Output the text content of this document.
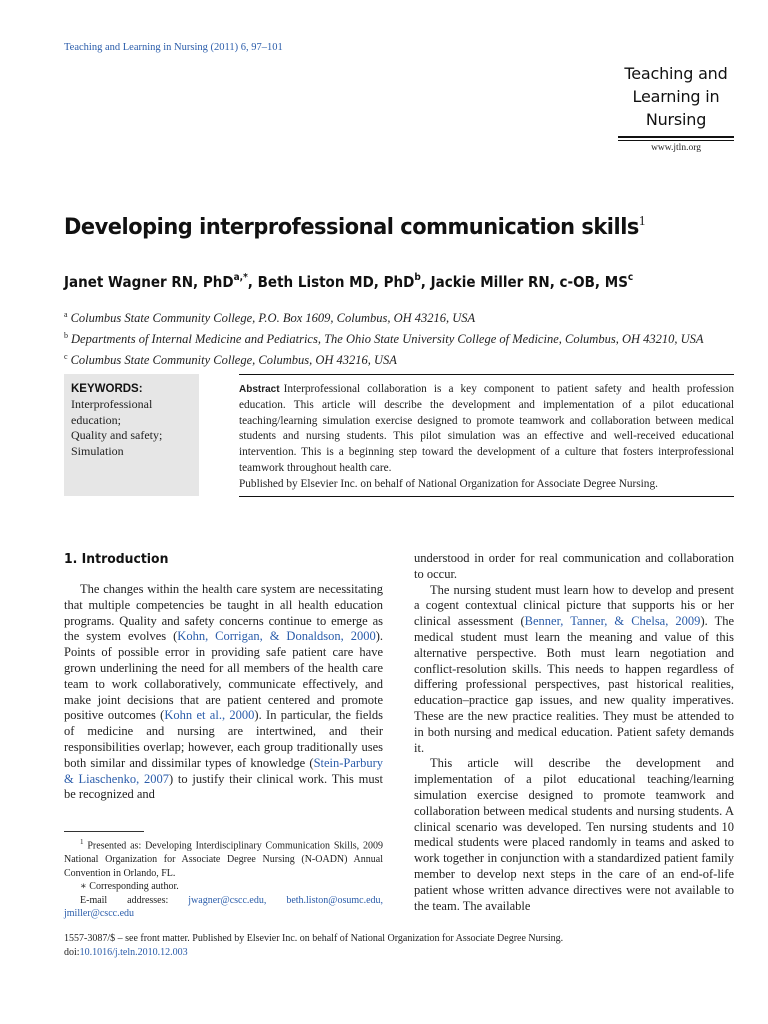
Teaching and Learning in Nursing (2011) 6, 97–101
Teaching and
Learning in
Nursing
www.jtln.org
Developing interprofessional communication skills$^1$
Janet Wagner RN, PhD$^{a,*}$, Beth Liston MD, PhD$^b$, Jackie Miller RN, c-OB, $MS^c$
$^a$ Columbus State Community College, P.O. Box 1609, Columbus, OH 43216, USA
$^b$ Departments of Internal Medicine and Pediatrics, The Ohio State University College of Medicine, Columbus, OH 43210, USA
$^c$ Columbus State Community College, Columbus, OH 43216, USA
KEYWORDS:
Interprofessional
education;
Quality and safety;
Simulation
Abstract Interprofessional collaboration is a key component to patient safety and health profession education. This article will describe the development and implementation of a pilot educational teaching/learning simulation exercise designed to promote teamwork and collaboration between medical students and nursing students. This pilot simulation was an effective and well-received educational intervention. This is a beginning step toward the development of a culture that fosters interprofessional teamwork throughout health care.
Published by Elsevier Inc. on behalf of National Organization for Associate Degree Nursing.
1. Introduction

The changes within the health care system are necessitating that multiple competencies be taught in all health education programs. Quality and safety concerns continue to emerge as the system evolves (Kohn, Corrigan, & Donaldson, 2000). Points of possible error in providing safe patient care have grown underlining the need for all members of the health care team to work collaboratively, communicate effectively, and make joint decisions that are patient centered and promote positive outcomes (Kohn et al., 2000). In particular, the fields of medicine and nursing are intertwined, and their responsibilities overlap; however, each group traditionally uses both similar and dissimilar types of knowledge (Stein-Parbury & Liaschenko, 2007) to justify their clinical work. This must be recognized and

understood in order for real communication and collaboration to occur.

The nursing student must learn how to develop and present a cogent contextual clinical picture that supports his or her clinical assessment (Benner, Tanner, & Chelsa, 2009). The medical student must learn the meaning and value of this alternative perspective. Both must learn negotiation and conflict-resolution skills. This needs to happen regardless of differing professional perspectives, past historical realities, education–practice gap issues, and new quality imperatives. These are the new practice realities. They must be attended to in both nursing and medical education. Patient safety demands it.

This article will describe the development and implementation of a pilot educational teaching/learning simulation exercise designed to promote teamwork and collaboration between medical students and nursing students. A clinical scenario was developed. Ten nursing students and 10 medical students were placed randomly in teams and asked to work together in conjunction with a standardized patient family member to develop next steps in the care of an end-of-life patient whose written advance directives were not available to the team. The available

$^1$ Presented as: Developing Interdisciplinary Communication Skills, 2009 National Organization for Associate Degree Nursing (N-OADN) Annual Convention in Orlando, FL.

∗ Corresponding author.

E-mail addresses: jwagner@cscc.edu, beth.liston@osumc.edu, jmiller@cscc.edu

1557-3087/$ – see front matter. Published by Elsevier Inc. on behalf of National Organization for Associate Degree Nursing.
doi:10.1016/j.teln.2010.12.003
